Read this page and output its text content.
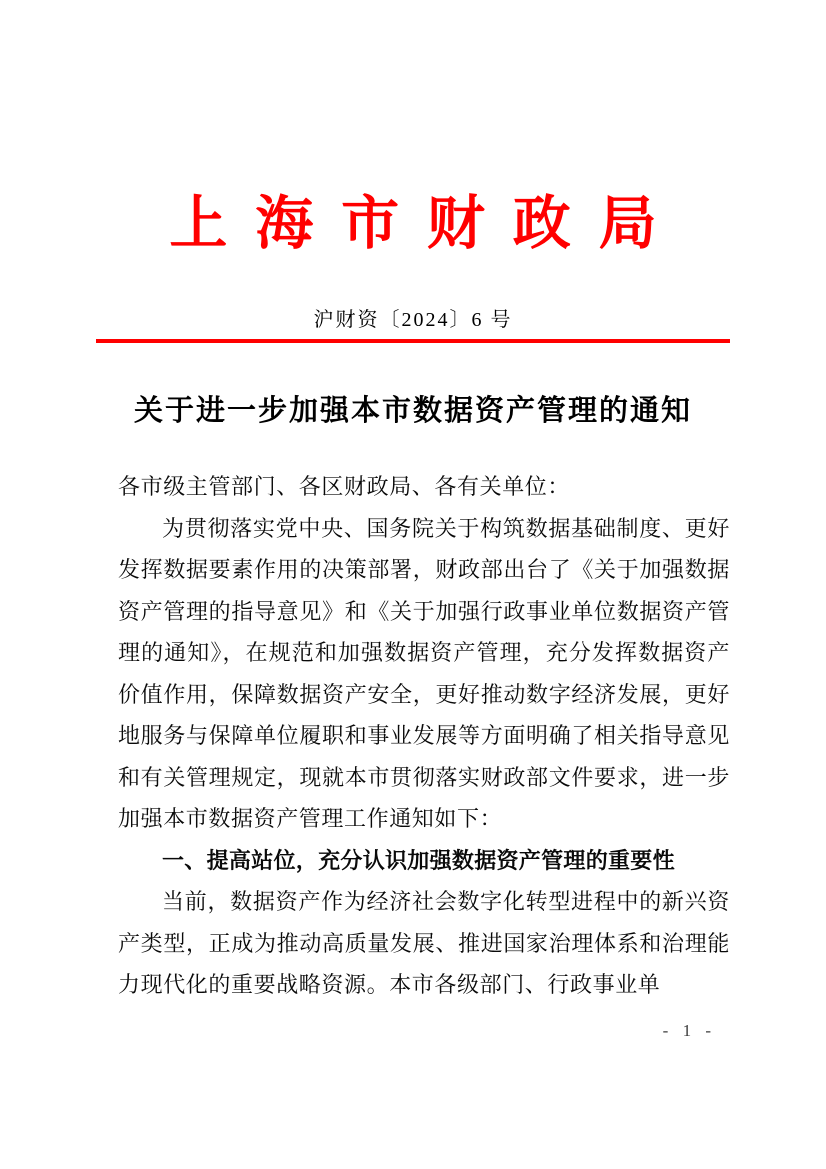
上海市财政局
沪财资〔2024〕6 号
关于进一步加强本市数据资产管理的通知

各市级主管部门、各区财政局、各有关单位：

为贯彻落实党中央、国务院关于构筑数据基础制度、更好发挥数据要素作用的决策部署，财政部出台了《关于加强数据资产管理的指导意见》和《关于加强行政事业单位数据资产管理的通知》，在规范和加强数据资产管理，充分发挥数据资产价值作用，保障数据资产安全，更好推动数字经济发展，更好地服务与保障单位履职和事业发展等方面明确了相关指导意见和有关管理规定，现就本市贯彻落实财政部文件要求，进一步加强本市数据资产管理工作通知如下：

一、提高站位，充分认识加强数据资产管理的重要性

当前，数据资产作为经济社会数字化转型进程中的新兴资产类型，正成为推动高质量发展、推进国家治理体系和治理能力现代化的重要战略资源。本市各级部门、行政事业单

- 1 -
